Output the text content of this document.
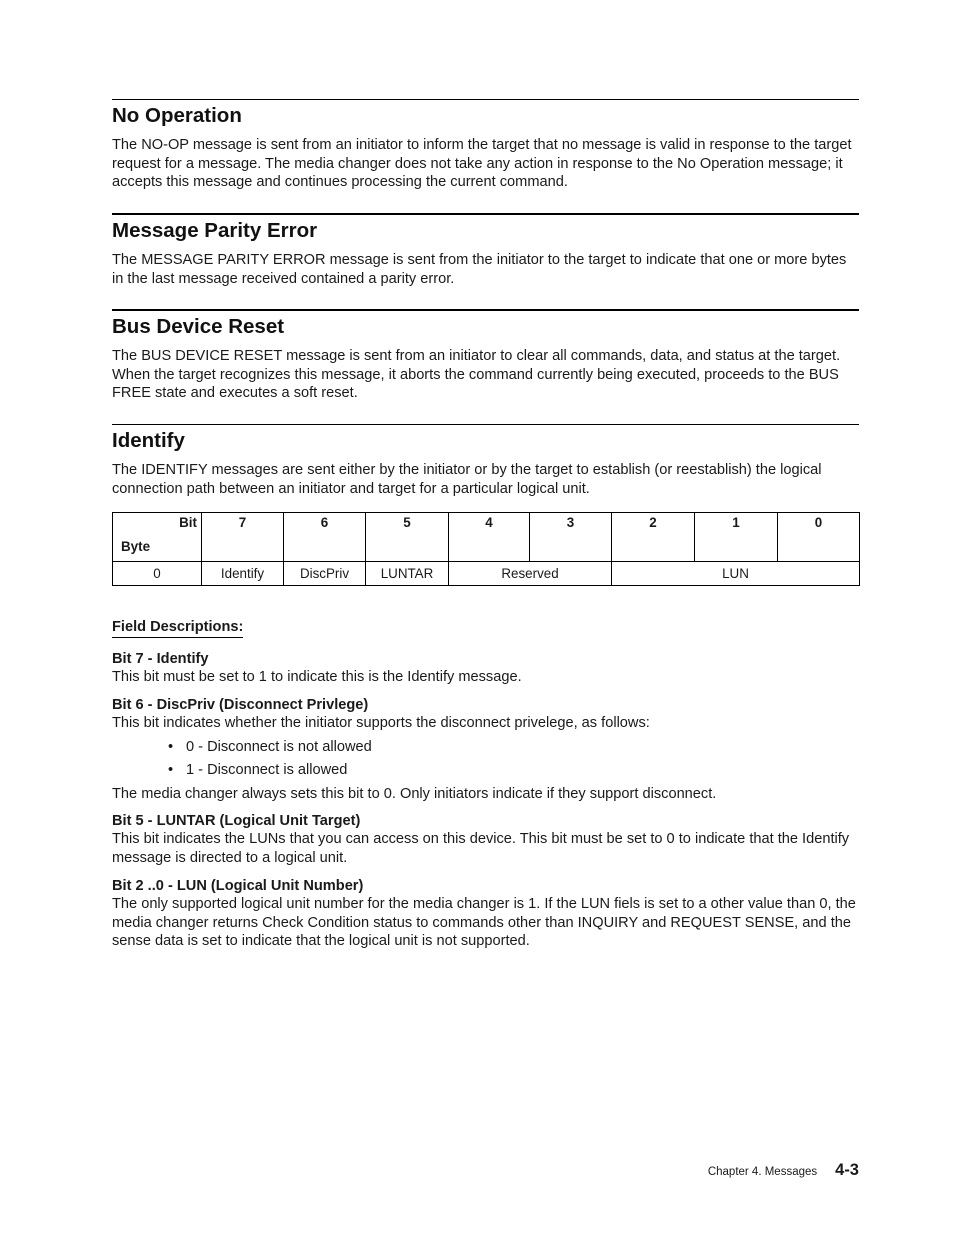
No Operation

The NO-OP message is sent from an initiator to inform the target that no message is valid in response to the target request for a message. The media changer does not take any action in response to the No Operation message; it accepts this message and continues processing the current command.

Message Parity Error

The MESSAGE PARITY ERROR message is sent from the initiator to the target to indicate that one or more bytes in the last message received contained a parity error.

Bus Device Reset

The BUS DEVICE RESET message is sent from an initiator to clear all commands, data, and status at the target. When the target recognizes this message, it aborts the command currently being executed, proceeds to the BUS FREE state and executes a soft reset.

Identify

The IDENTIFY messages are sent either by the initiator or by the target to establish (or reestablish) the logical connection path between an initiator and target for a particular logical unit.

Bit
Byte	7	6	5	4	3	2	1	0
0	Identify	DiscPriv	LUNTAR	Reserved		LUN		
Field Descriptions:
Bit 7 - Identify

This bit must be set to 1 to indicate this is the Identify message.

Bit 6 - DiscPriv (Disconnect Privlege)

This bit indicates whether the initiator supports the disconnect privelege, as follows:

• 0 - Disconnect is not allowed
• 1 - Disconnect is allowed

The media changer always sets this bit to 0. Only initiators indicate if they support disconnect.

Bit 5 - LUNTAR (Logical Unit Target)

This bit indicates the LUNs that you can access on this device. This bit must be set to 0 to indicate that the Identify message is directed to a logical unit.

Bit 2 ..0 - LUN (Logical Unit Number)

The only supported logical unit number for the media changer is 1. If the LUN fiels is set to a other value than 0, the media changer returns Check Condition status to commands other than INQUIRY and REQUEST SENSE, and the sense data is set to indicate that the logical unit is not supported.

Chapter 4. Messages 4-3
